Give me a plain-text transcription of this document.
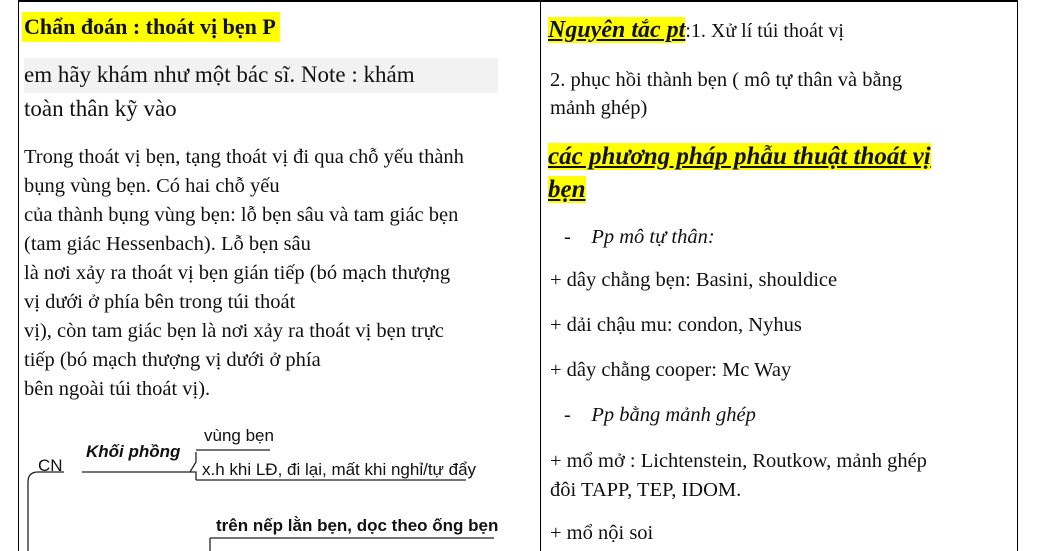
Chẩn đoán : thoát vị bẹn P
em hãy khám như một bác sĩ. Note : khám
toàn thân kỹ vào
Trong thoát vị bẹn, tạng thoát vị đi qua chỗ yếu thành
bụng vùng bẹn. Có hai chỗ yếu
của thành bụng vùng bẹn: lỗ bẹn sâu và tam giác bẹn
(tam giác Hessenbach). Lỗ bẹn sâu
là nơi xảy ra thoát vị bẹn gián tiếp (bó mạch thượng
vị dưới ở phía bên trong túi thoát
vị), còn tam giác bẹn là nơi xảy ra thoát vị bẹn trực
tiếp (bó mạch thượng vị dưới ở phía
bên ngoài túi thoát vị).
CN
Khối phồng
vùng bẹn
x.h khi LĐ, đi lại, mất khi nghỉ/tự đẩy
trên nếp lằn bẹn, dọc theo ống bẹn
Nguyên tắc pt:1. Xử lí túi thoát vị
2. phục hồi thành bẹn ( mô tự thân và bằng
mảnh ghép)
các phương pháp phẫu thuật thoát vị
bẹn
-    Pp mô tự thân:
+ dây chằng bẹn: Basini, shouldice
+ dải chậu mu: condon, Nyhus
+ dây chằng cooper: Mc Way
-    Pp bằng mảnh ghép
+ mổ mở : Lichtenstein, Routkow, mảnh ghép
đôi TAPP, TEP, IDOM.
+ mổ nội soi
